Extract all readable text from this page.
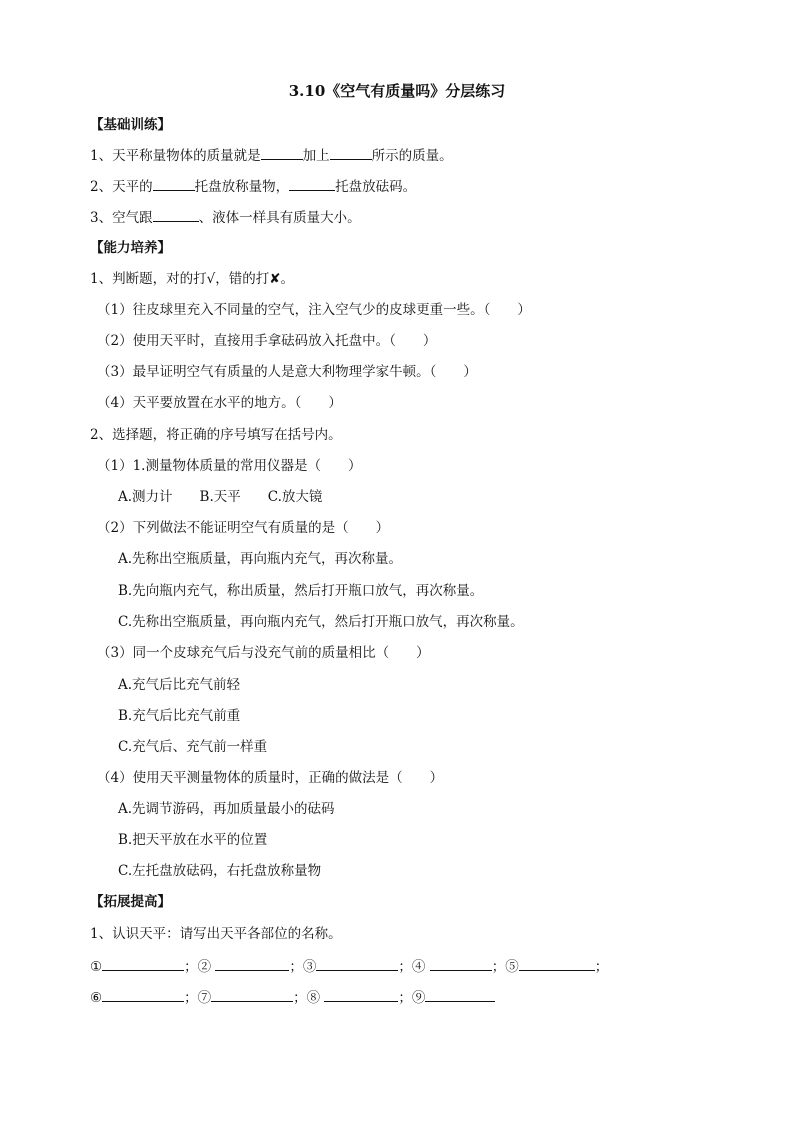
3.10《空气有质量吗》分层练习
【基础训练】
1、天平称量物体的质量就是	加上	所示的质量。
2、天平的	托盘放称量物，	托盘放砝码。
3、空气跟	、液体一样具有质量大小。
【能力培养】
1、判断题，对的打√，错的打✘。
（1）往皮球里充入不同量的空气，注入空气少的皮球更重一些。（　　）
（2）使用天平时，直接用手拿砝码放入托盘中。（　　）
（3）最早证明空气有质量的人是意大利物理学家牛顿。（　　）
（4）天平要放置在水平的地方。（　　）
2、选择题，将正确的序号填写在括号内。
（1）1.测量物体质量的常用仪器是（　　）
A.测力计　　B.天平　　C.放大镜
（2）下列做法不能证明空气有质量的是（　　）
A.先称出空瓶质量，再向瓶内充气，再次称量。
B.先向瓶内充气，称出质量，然后打开瓶口放气，再次称量。
C.先称出空瓶质量，再向瓶内充气，然后打开瓶口放气，再次称量。
（3）同一个皮球充气后与没充气前的质量相比（　　）
A.充气后比充气前轻
B.充气后比充气前重
C.充气后、充气前一样重
（4）使用天平测量物体的质量时，正确的做法是（　　）
A.先调节游码，再加质量最小的砝码
B.把天平放在水平的位置
C.左托盘放砝码，右托盘放称量物
【拓展提高】
1、认识天平：请写出天平各部位的名称。
①	；②	；③	；④	；⑤	；
⑥	；⑦	；⑧	；⑨
